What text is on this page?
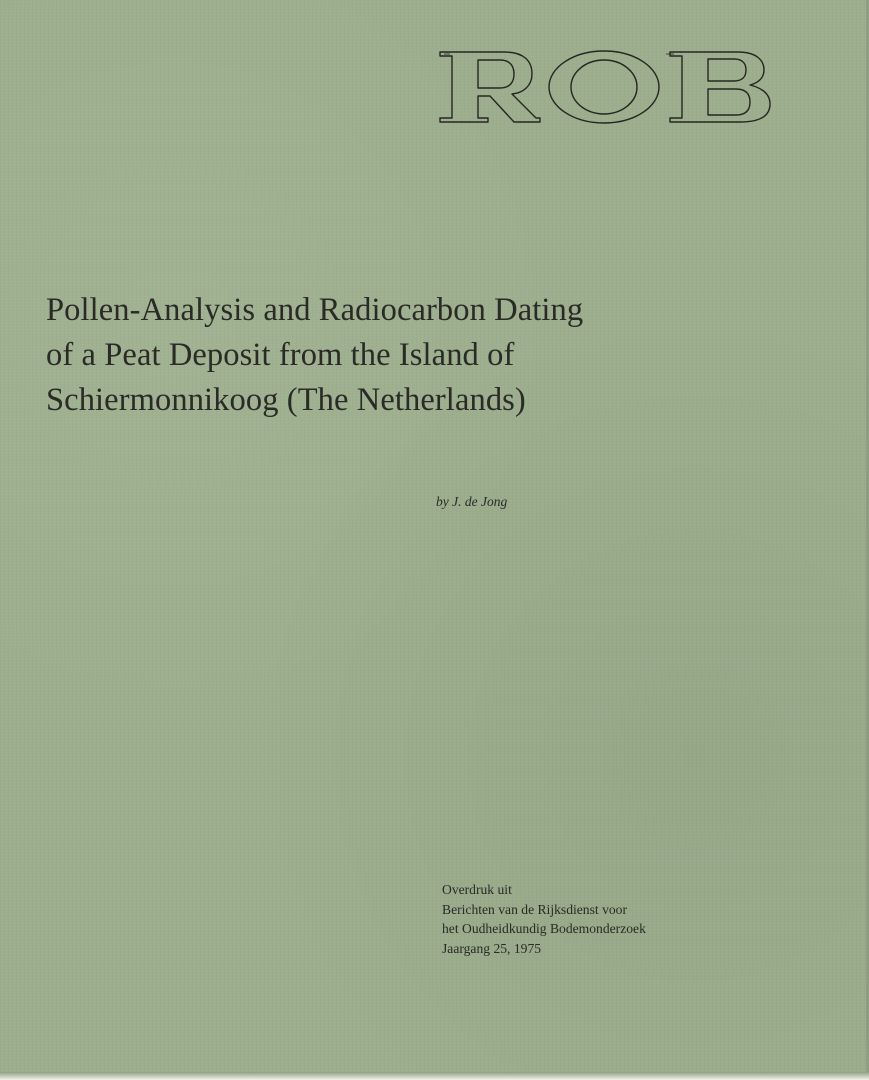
Pollen-Analysis and Radiocarbon Dating
of a Peat Deposit from the Island of
Schiermonnikoog (The Netherlands)

by J. de Jong

Overdruk uit
Berichten van de Rijksdienst voor
het Oudheidkundig Bodemonderzoek
Jaargang 25, 1975
